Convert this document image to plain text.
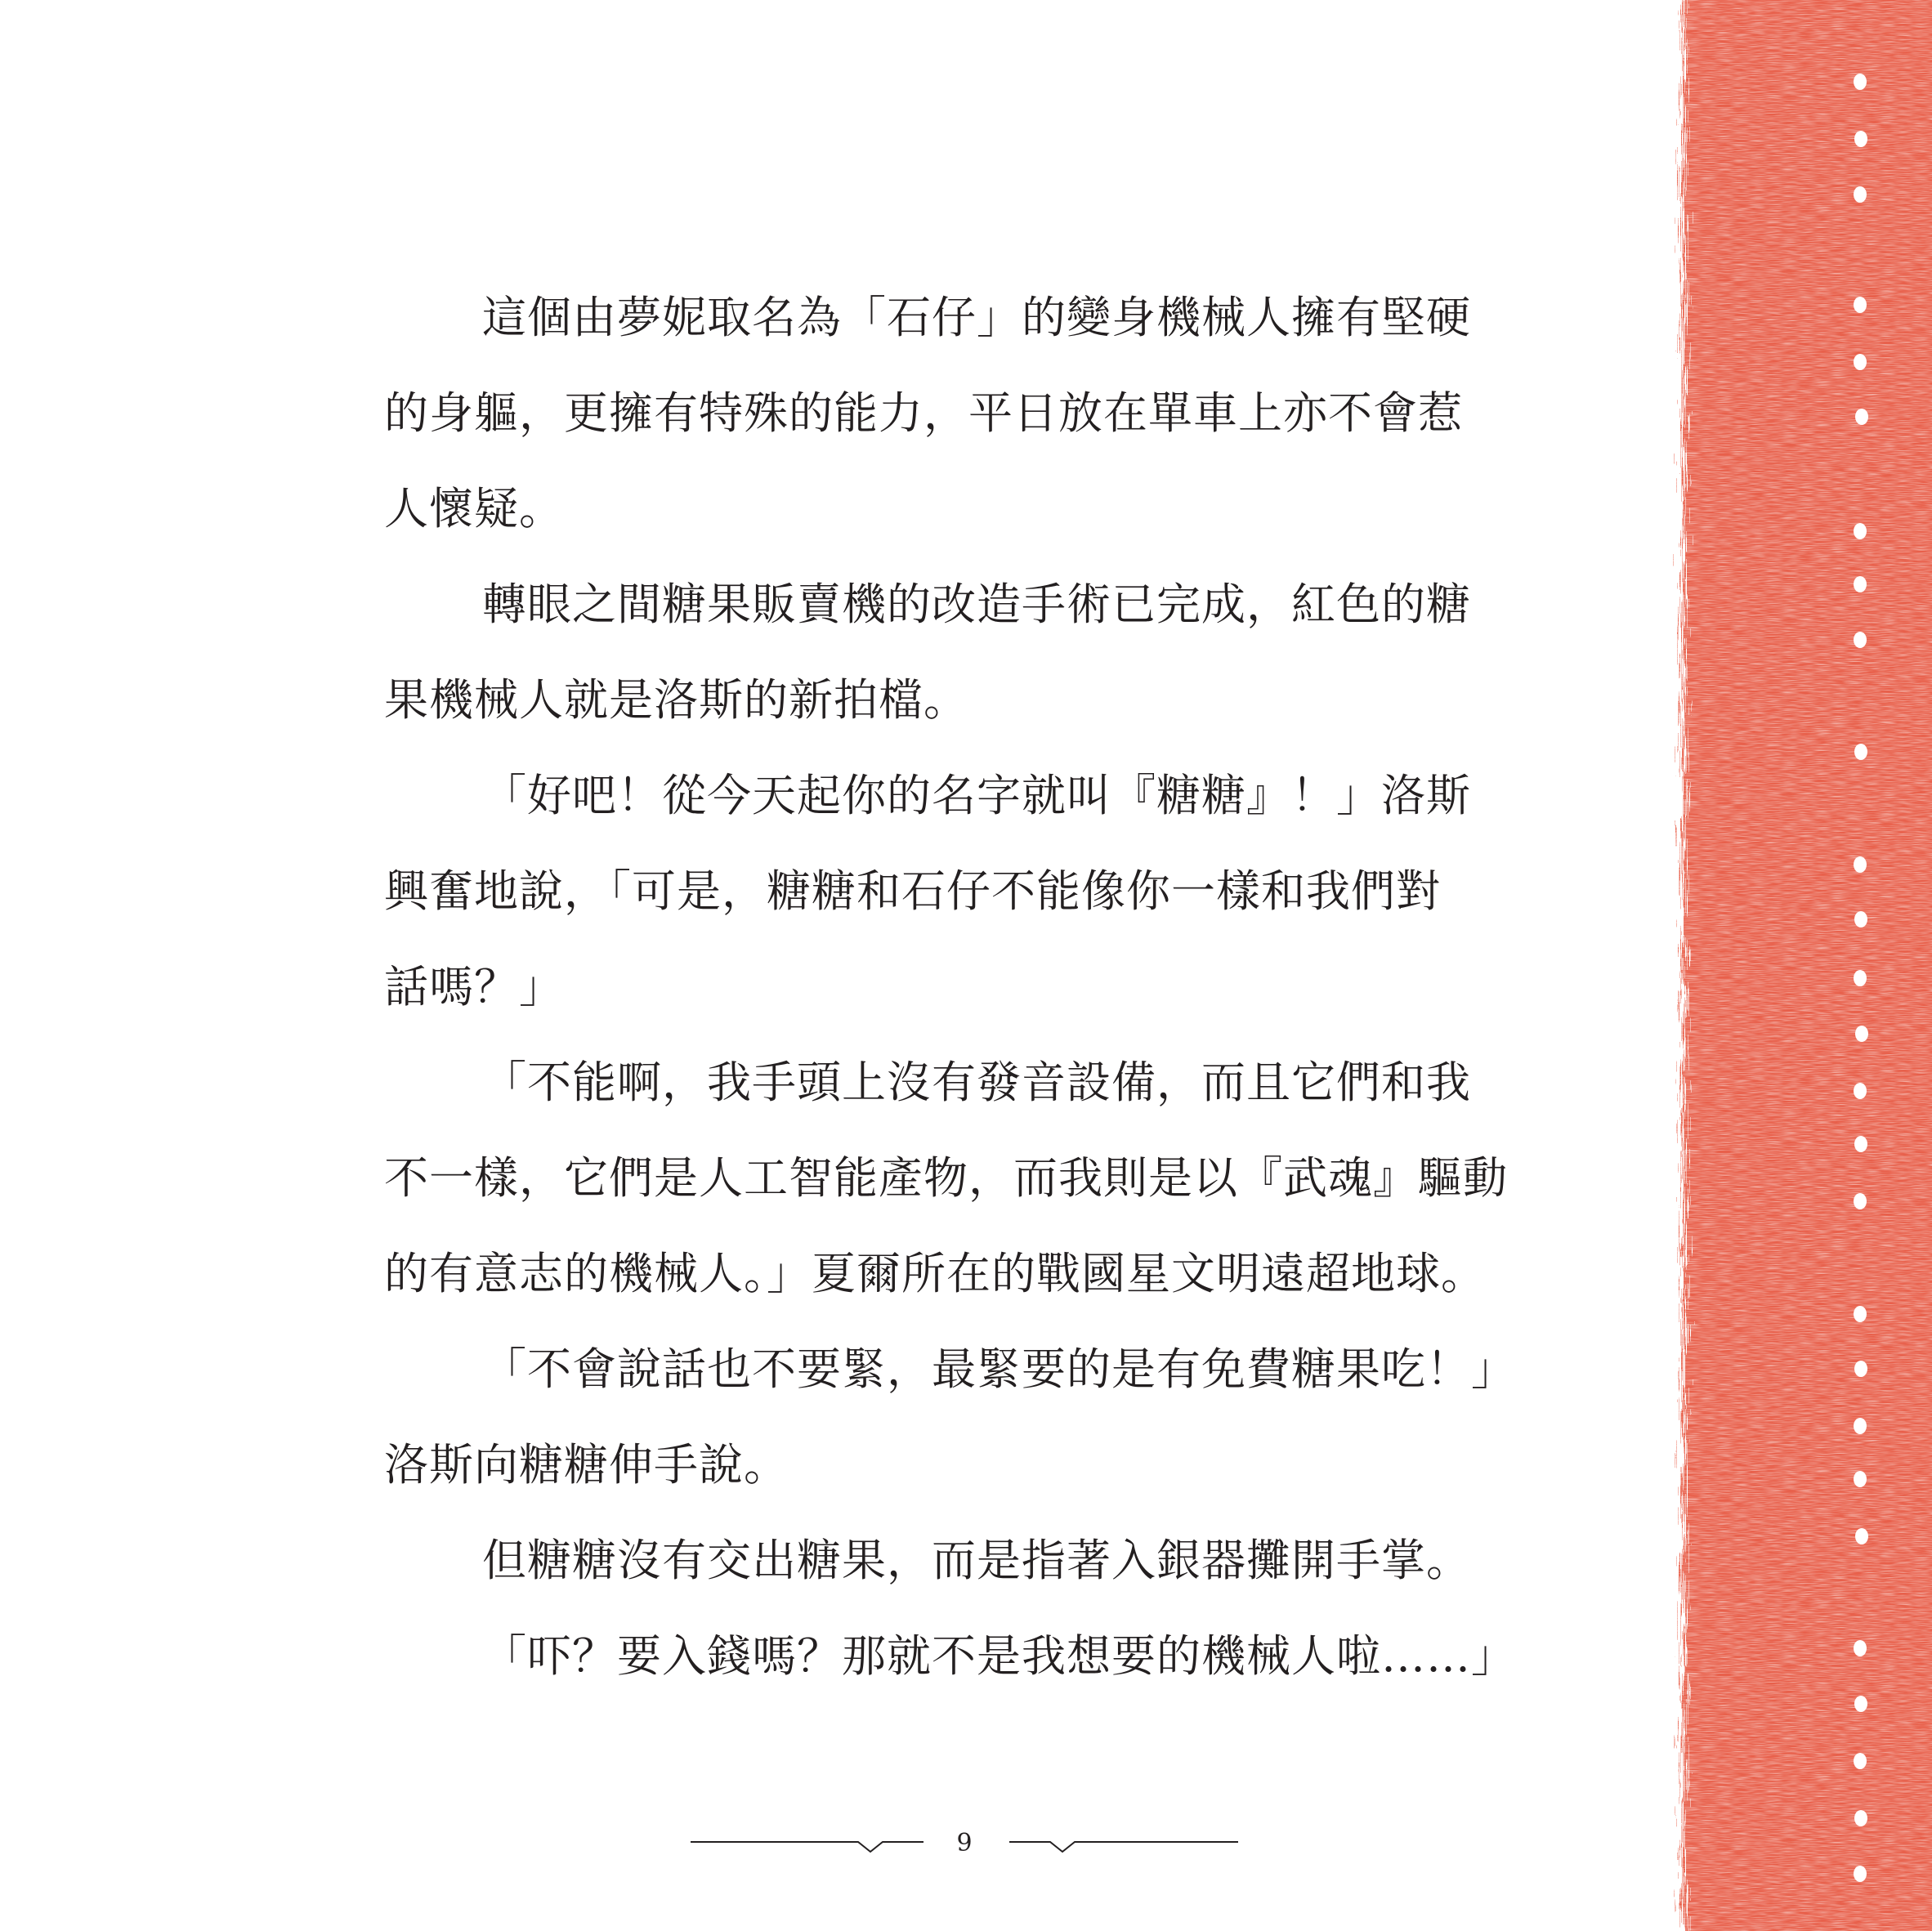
這個由夢妮取名為「石仔」的變身機械人擁有堅硬
的身軀，更擁有特殊的能力，平日放在單車上亦不會惹
人懷疑。
轉眼之間糖果販賣機的改造手術已完成，紅色的糖
果機械人就是洛斯的新拍檔。
「好吧！從今天起你的名字就叫『糖糖』！」洛斯
興奮地說，「可是，糖糖和石仔不能像你一樣和我們對
話嗎？」
「不能啊，我手頭上沒有發音設備，而且它們和我
不一樣，它們是人工智能產物，而我則是以『武魂』驅動
的有意志的機械人。」夏爾所在的戰國星文明遠超地球。
「不會說話也不要緊，最緊要的是有免費糖果吃！」
洛斯向糖糖伸手說。
但糖糖沒有交出糖果，而是指著入銀器攤開手掌。
「吓？要入錢嗎？那就不是我想要的機械人啦……」
9
